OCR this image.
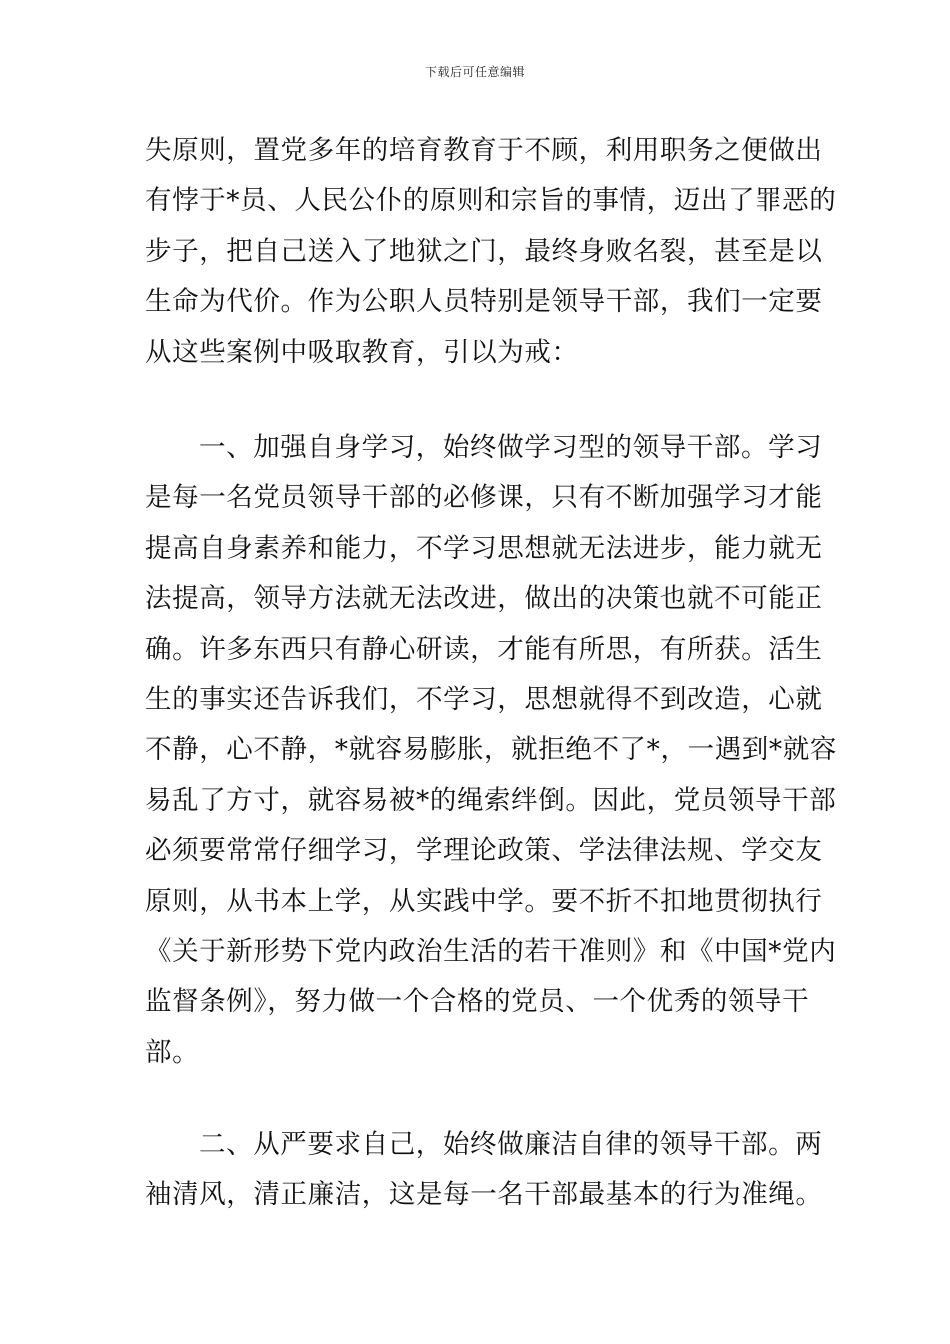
下载后可任意编辑
失原则，置党多年的培育教育于不顾，利用职务之便做出
有悖于*员、人民公仆的原则和宗旨的事情，迈出了罪恶的
步子，把自己送入了地狱之门，最终身败名裂，甚至是以
生命为代价。作为公职人员特别是领导干部，我们一定要
从这些案例中吸取教育，引以为戒：
一、加强自身学习，始终做学习型的领导干部。学习
是每一名党员领导干部的必修课，只有不断加强学习才能
提高自身素养和能力，不学习思想就无法进步，能力就无
法提高，领导方法就无法改进，做出的决策也就不可能正
确。许多东西只有静心研读，才能有所思，有所获。活生
生的事实还告诉我们，不学习，思想就得不到改造，心就
不静，心不静，*就容易膨胀，就拒绝不了*，一遇到*就容
易乱了方寸，就容易被*的绳索绊倒。因此，党员领导干部
必须要常常仔细学习，学理论政策、学法律法规、学交友
原则，从书本上学，从实践中学。要不折不扣地贯彻执行
《关于新形势下党内政治生活的若干准则》和《中国*党内
监督条例》，努力做一个合格的党员、一个优秀的领导干
部。
二、从严要求自己，始终做廉洁自律的领导干部。两
袖清风，清正廉洁，这是每一名干部最基本的行为准绳。
